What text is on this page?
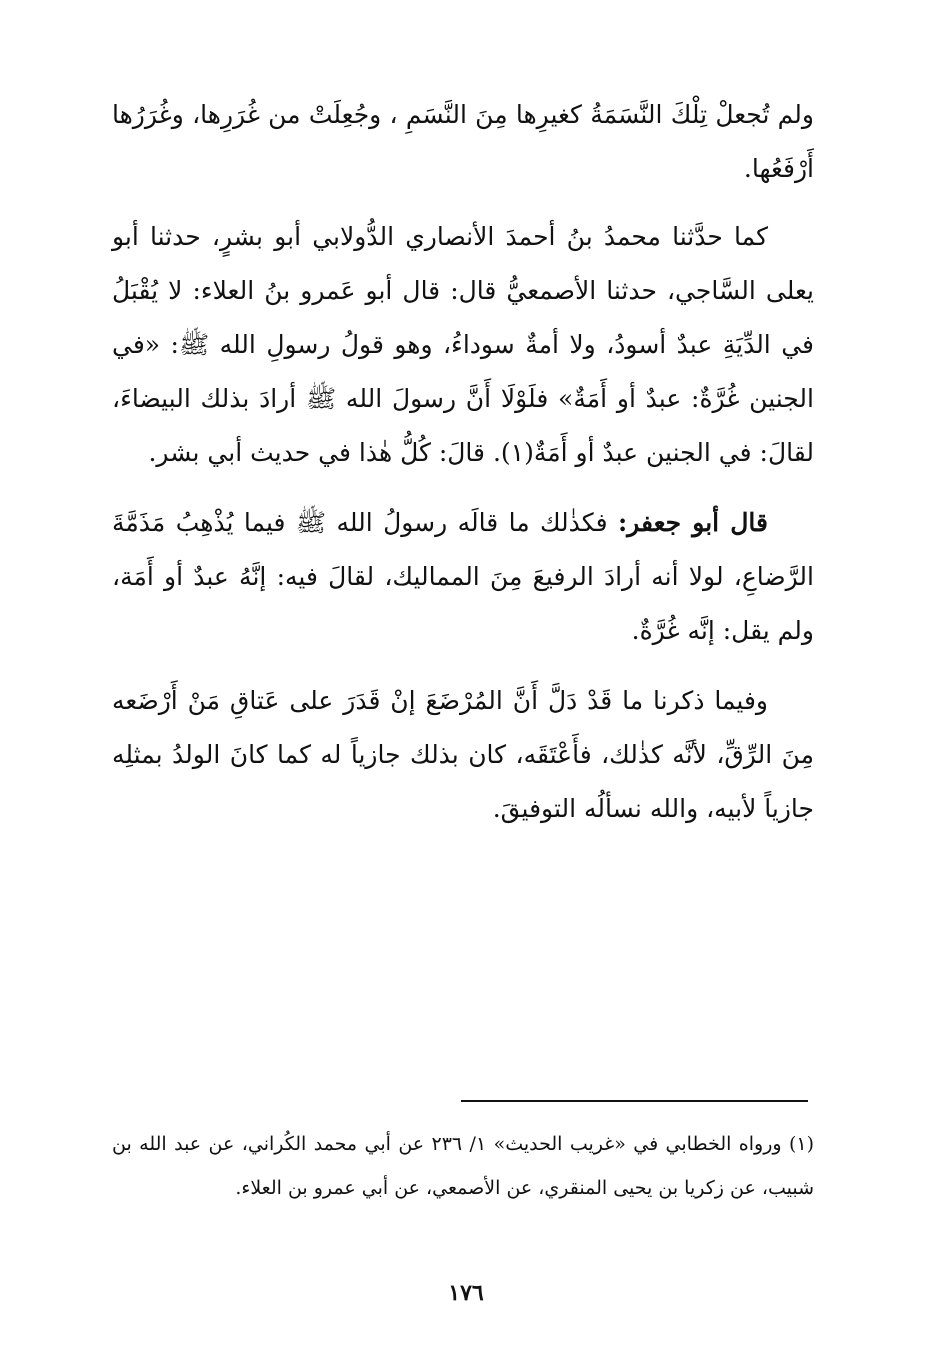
ولم تُجعلْ تِلْكَ النَّسَمَةُ كغيرِها مِنَ النَّسَمِ ، وجُعِلَتْ من غُرَرِها، وغُرَرُها أَرْفَعُها.

كما حدَّثنا محمدُ بنُ أحمدَ الأنصاري الدُّولابي أبو بشرٍ، حدثنا أبو يعلى السَّاجي، حدثنا الأصمعيُّ قال: قال أبو عَمرو بنُ العلاء: لا يُقْبَلُ في الدِّيَةِ عبدٌ أسودُ، ولا أمةٌ سوداءُ، وهو قولُ رسولِ الله ﷺ: «في الجنين غُرَّةٌ: عبدٌ أو أَمَةٌ» فلَوْلَا أَنَّ رسولَ الله ﷺ أرادَ بذلك البيضاءَ، لقالَ: في الجنين عبدٌ أو أَمَةٌ(١). قالَ: كُلُّ هٰذا في حديث أبي بشر.

قال أبو جعفر: فكذٰلك ما قالَه رسولُ الله ﷺ فيما يُذْهِبُ مَذَمَّةَ الرَّضاعِ، لولا أنه أرادَ الرفيعَ مِنَ المماليك، لقالَ فيه: إنَّهُ عبدٌ أو أَمَة، ولم يقل: إنَّه غُرَّةٌ.

وفيما ذكرنا ما قَدْ دَلَّ أَنَّ المُرْضَعَ إنْ قَدَرَ على عَتاقِ مَنْ أَرْضَعه مِنَ الرِّقِّ، لأنَّه كذٰلك، فأَعْتَقَه، كان بذلك جازياً له كما كانَ الولدُ بمثلِه جازياً لأبيه، والله نسألُه التوفيقَ.

(١) ورواه الخطابي في «غريب الحديث» ١/ ٢٣٦ عن أبي محمد الكُراني، عن عبد الله بن شبيب، عن زكريا بن يحيى المنقري، عن الأصمعي، عن أبي عمرو بن العلاء.
١٧٦
